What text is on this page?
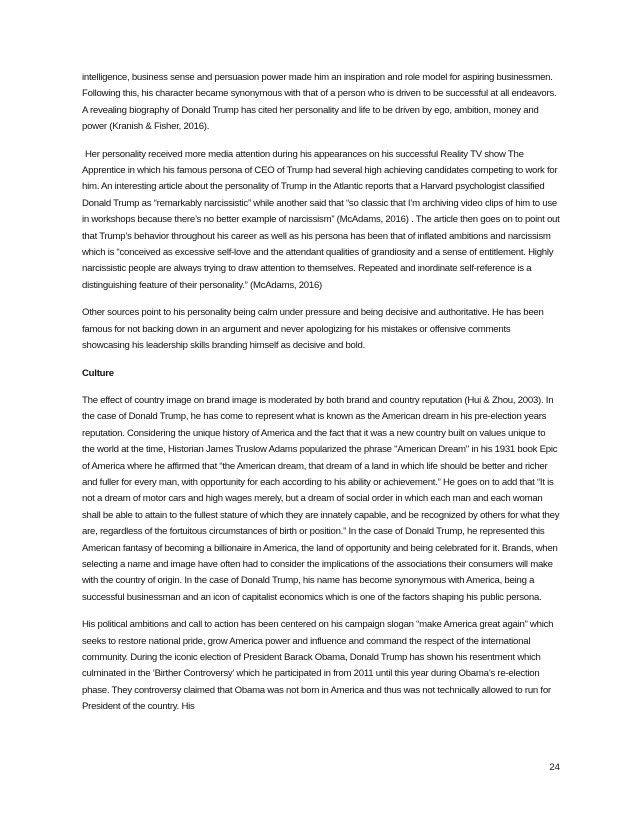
intelligence, business sense and persuasion power made him an inspiration and role model for aspiring businessmen. Following this, his character became synonymous with that of a person who is driven to be successful at all endeavors. A revealing biography of Donald Trump has cited her personality and life to be driven by ego, ambition, money and power (Kranish & Fisher, 2016).

Her personality received more media attention during his appearances on his successful Reality TV show The Apprentice in which his famous persona of CEO of Trump had several high achieving candidates competing to work for him. An interesting article about the personality of Trump in the Atlantic reports that a Harvard psychologist classified Donald Trump as “remarkably narcissistic” while another said that “so classic that I’m archiving video clips of him to use in workshops because there’s no better example of narcissism” (McAdams, 2016) . The article then goes on to point out that Trump’s behavior throughout his career as well as his persona has been that of inflated ambitions and narcissism which is “conceived as excessive self-love and the attendant qualities of grandiosity and a sense of entitlement. Highly narcissistic people are always trying to draw attention to themselves. Repeated and inordinate self-reference is a distinguishing feature of their personality.” (McAdams, 2016)

Other sources point to his personality being calm under pressure and being decisive and authoritative. He has been famous for not backing down in an argument and never apologizing for his mistakes or offensive comments showcasing his leadership skills branding himself as decisive and bold.

Culture

The effect of country image on brand image is moderated by both brand and country reputation (Hui & Zhou, 2003). In the case of Donald Trump, he has come to represent what is known as the American dream in his pre-election years reputation. Considering the unique history of America and the fact that it was a new country built on values unique to the world at the time, Historian James Truslow Adams popularized the phrase "American Dream" in his 1931 book Epic of America where he affirmed that “the American dream, that dream of a land in which life should be better and richer and fuller for every man, with opportunity for each according to his ability or achievement.” He goes on to add that “It is not a dream of motor cars and high wages merely, but a dream of social order in which each man and each woman shall be able to attain to the fullest stature of which they are innately capable, and be recognized by others for what they are, regardless of the fortuitous circumstances of birth or position.” In the case of Donald Trump, he represented this American fantasy of becoming a billionaire in America, the land of opportunity and being celebrated for it. Brands, when selecting a name and image have often had to consider the implications of the associations their consumers will make with the country of origin. In the case of Donald Trump, his name has become synonymous with America, being a successful businessman and an icon of capitalist economics which is one of the factors shaping his public persona.

His political ambitions and call to action has been centered on his campaign slogan “make America great again” which seeks to restore national pride, grow America power and influence and command the respect of the international community. During the iconic election of President Barack Obama, Donald Trump has shown his resentment which culminated in the ‘Birther Controversy’ which he participated in from 2011 until this year during Obama’s re-election phase. They controversy claimed that Obama was not born in America and thus was not technically allowed to run for President of the country. His

24
